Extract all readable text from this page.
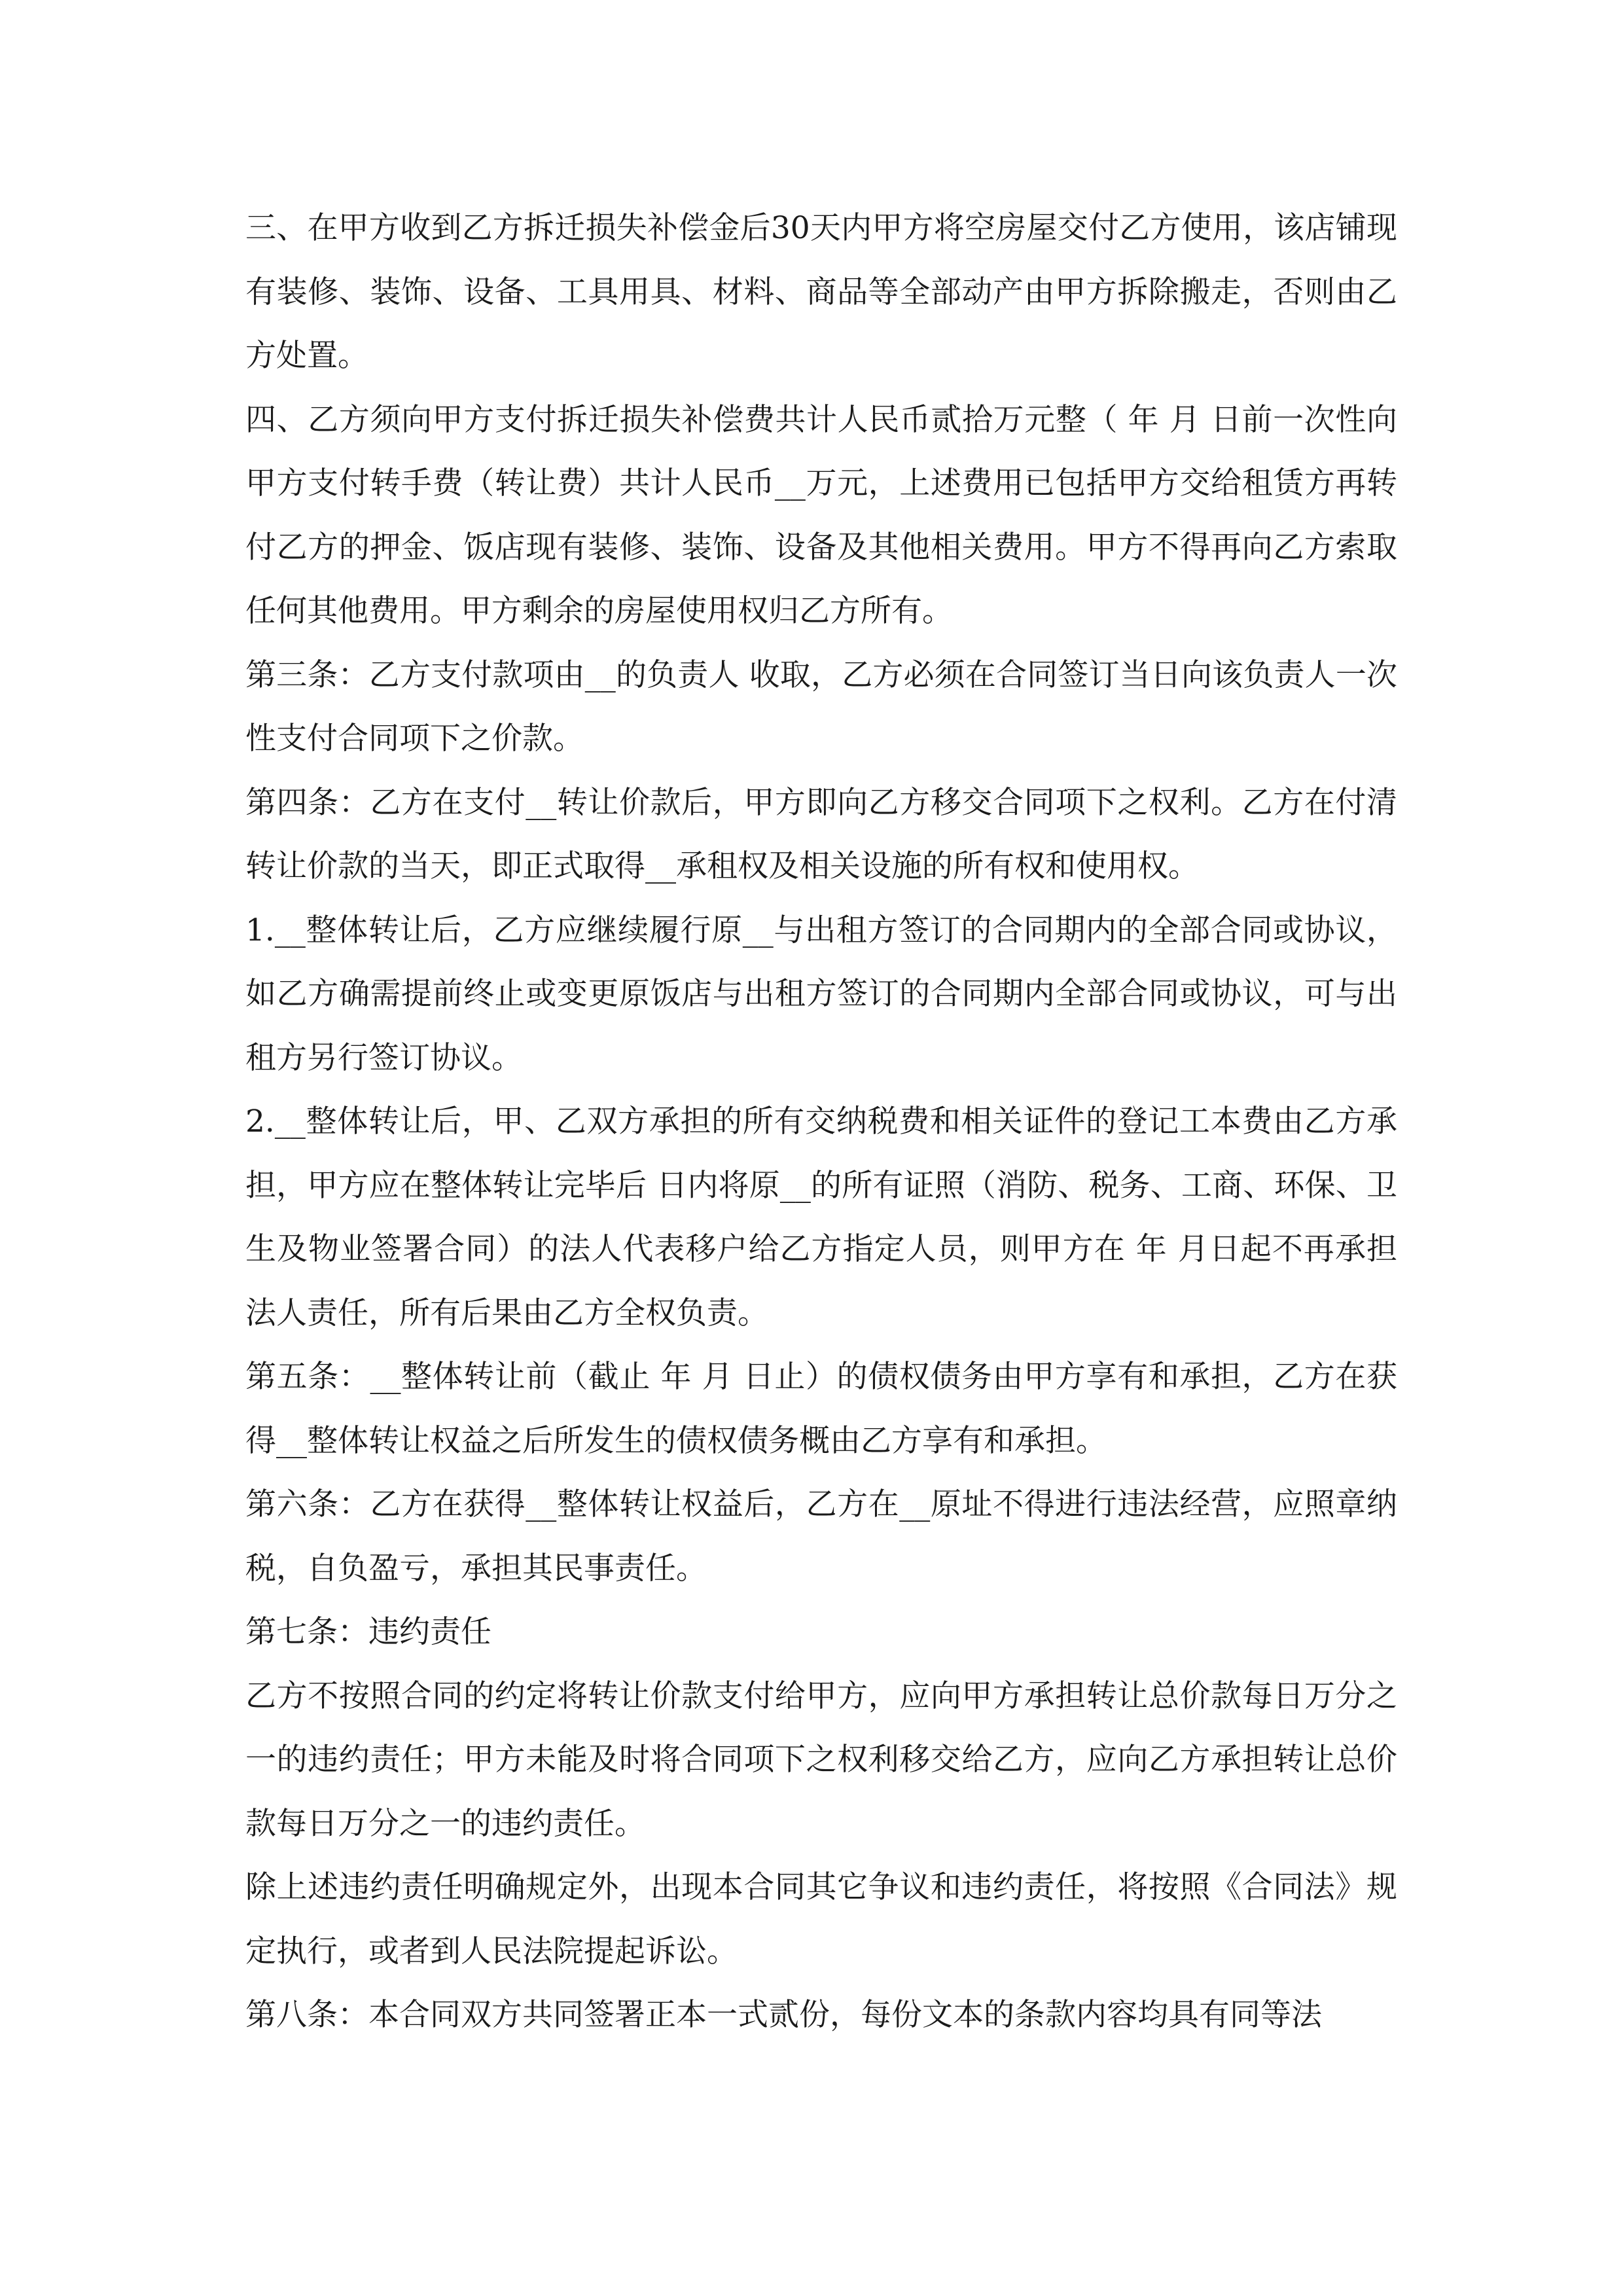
三、在甲方收到乙方拆迁损失补偿金后30天内甲方将空房屋交付乙方使用，该店铺现有装修、装饰、设备、工具用具、材料、商品等全部动产由甲方拆除搬走，否则由乙方处置。

四、乙方须向甲方支付拆迁损失补偿费共计人民币贰拾万元整（ 年 月 日前一次性向甲方支付转手费（转让费）共计人民币__万元，上述费用已包括甲方交给租赁方再转付乙方的押金、饭店现有装修、装饰、设备及其他相关费用。甲方不得再向乙方索取任何其他费用。甲方剩余的房屋使用权归乙方所有。

第三条：乙方支付款项由__的负责人 收取，乙方必须在合同签订当日向该负责人一次性支付合同项下之价款。

第四条：乙方在支付__转让价款后，甲方即向乙方移交合同项下之权利。乙方在付清转让价款的当天，即正式取得__承租权及相关设施的所有权和使用权。

1.__整体转让后，乙方应继续履行原__与出租方签订的合同期内的全部合同或协议，如乙方确需提前终止或变更原饭店与出租方签订的合同期内全部合同或协议，可与出租方另行签订协议。

2.__整体转让后，甲、乙双方承担的所有交纳税费和相关证件的登记工本费由乙方承担，甲方应在整体转让完毕后 日内将原__的所有证照（消防、税务、工商、环保、卫生及物业签署合同）的法人代表移户给乙方指定人员，则甲方在 年 月日起不再承担法人责任，所有后果由乙方全权负责。

第五条：__整体转让前（截止 年 月 日止）的债权债务由甲方享有和承担，乙方在获得__整体转让权益之后所发生的债权债务概由乙方享有和承担。

第六条：乙方在获得__整体转让权益后，乙方在__原址不得进行违法经营，应照章纳税，自负盈亏，承担其民事责任。

第七条：违约责任

乙方不按照合同的约定将转让价款支付给甲方，应向甲方承担转让总价款每日万分之一的违约责任；甲方未能及时将合同项下之权利移交给乙方，应向乙方承担转让总价款每日万分之一的违约责任。

除上述违约责任明确规定外，出现本合同其它争议和违约责任，将按照《合同法》规定执行，或者到人民法院提起诉讼。

第八条：本合同双方共同签署正本一式贰份，每份文本的条款内容均具有同等法
